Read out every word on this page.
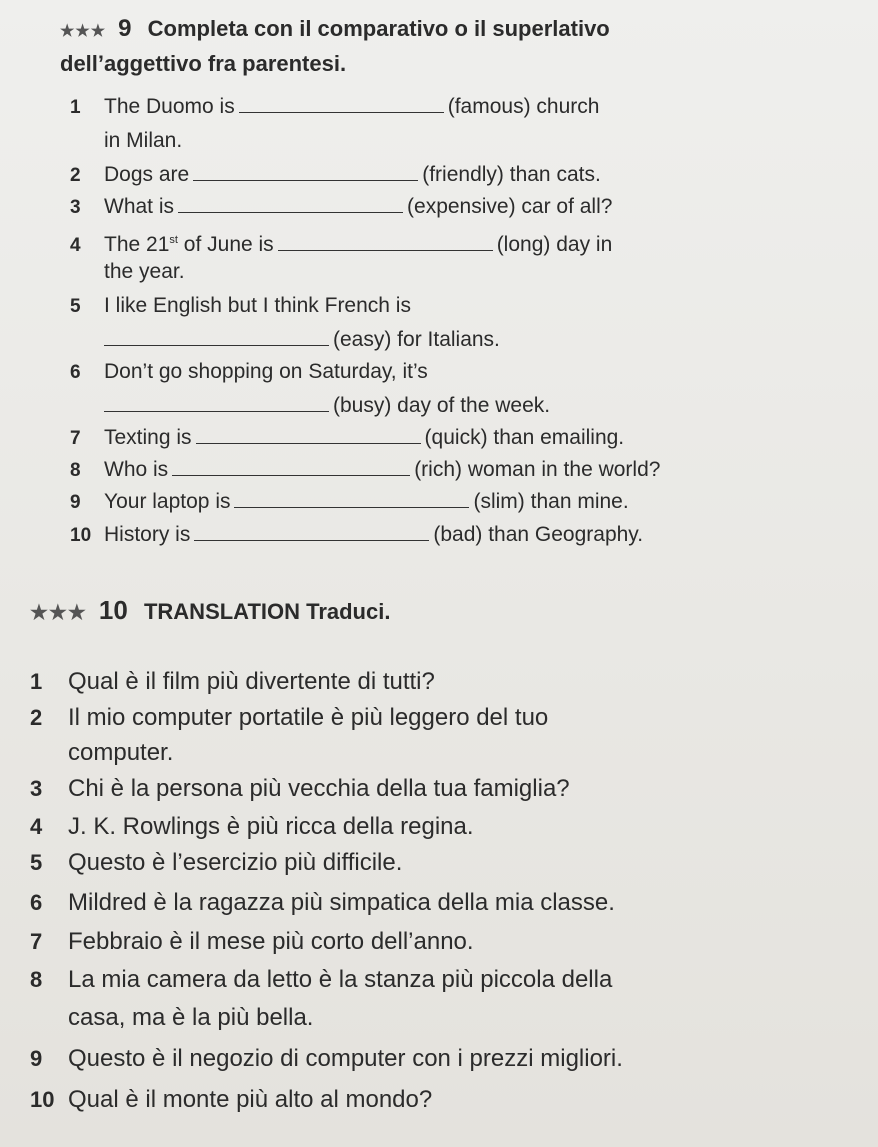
★★★ 9 Completa con il comparativo o il superlativo
dell’aggettivo fra parentesi.
1 The Duomo is	(famous) church
in Milan.
2 Dogs are	(friendly) than cats.
3 What is	(expensive) car of all?
4 The 21st of June is	(long) day in
the year.
5 I like English but I think French is
(easy) for Italians.
6 Don’t go shopping on Saturday, it’s
(busy) day of the week.
7 Texting is	(quick) than emailing.
8 Who is	(rich) woman in the world?
9 Your laptop is	(slim) than mine.
10 History is	(bad) than Geography.
★★★ 10 TRANSLATION Traduci.
1 Qual è il film più divertente di tutti?
2 Il mio computer portatile è più leggero del tuo
computer.
3 Chi è la persona più vecchia della tua famiglia?
4 J. K. Rowlings è più ricca della regina.
5 Questo è l’esercizio più difficile.
6 Mildred è la ragazza più simpatica della mia classe.
7 Febbraio è il mese più corto dell’anno.
8 La mia camera da letto è la stanza più piccola della
casa, ma è la più bella.
9 Questo è il negozio di computer con i prezzi migliori.
10 Qual è il monte più alto al mondo?
